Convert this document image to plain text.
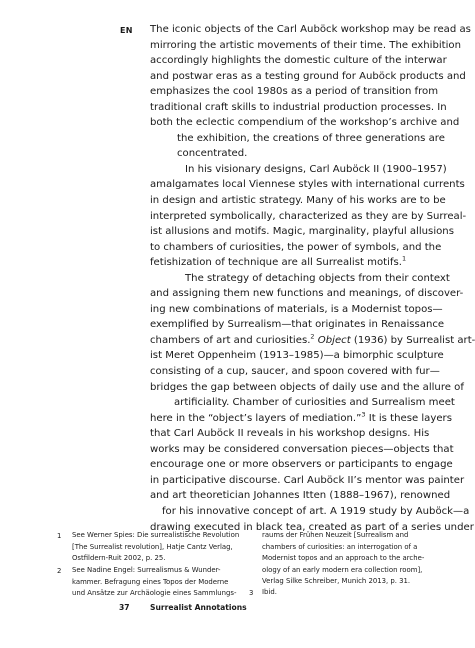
EN The iconic objects of the Carl Auböck workshop may be read as
mirroring the artistic movements of their time. The exhibition
accordingly highlights the domestic culture of the interwar
and postwar eras as a testing ground for Auböck products and
emphasizes the cool 1980s as a period of transition from
traditional craft skills to industrial production processes. In
both the eclectic compendium of the workshop’s archive and
the exhibition, the creations of three generations are
concentrated.
In his visionary designs, Carl Auböck II (1900–1957)
amalgamates local Viennese styles with international currents
in design and artistic strategy. Many of his works are to be
interpreted symbolically, characterized as they are by Surreal-
ist allusions and motifs. Magic, marginality, playful allusions
to chambers of curiosities, the power of symbols, and the
fetishization of technique are all Surrealist motifs.$^1$
The strategy of detaching objects from their context
and assigning them new functions and meanings, of discover-
ing new combinations of materials, is a Modernist topos—
exemplified by Surrealism—that originates in Renaissance
chambers of art and curiosities.$^2$ Object (1936) by Surrealist art-
ist Meret Oppenheim (1913–1985)—a bimorphic sculpture
consisting of a cup, saucer, and spoon covered with fur—
bridges the gap between objects of daily use and the allure of
artificiality. Chamber of curiosities and Surrealism meet
here in the “object’s layers of mediation.”$^3$ It is these layers
that Carl Auböck II reveals in his workshop designs. His
works may be considered conversation pieces—objects that
encourage one or more observers or participants to engage
in participative discourse. Carl Auböck II’s mentor was painter
and art theoretician Johannes Itten (1888–1967), renowned
for his innovative concept of art. A 1919 study by Auböck—a
drawing executed in black tea, created as part of a series under
1 See Werner Spies: Die surrealistische Revolution
[The Surrealist revolution], Hatje Cantz Verlag,
Ostfildern-Ruit 2002, p. 25.
2 See Nadine Engel: Surrealismus & Wunder-
kammer. Befragung eines Topos der Moderne
und Ansätze zur Archäologie eines Sammlungs-
raums der Frühen Neuzeit [Surrealism and
chambers of curiosities: an interrogation of a
Modernist topos and an approach to the arche-
ology of an early modern era collection room],
Verlag Silke Schreiber, Munich 2013, p. 31.
3 Ibid.
37	Surrealist Annotations
